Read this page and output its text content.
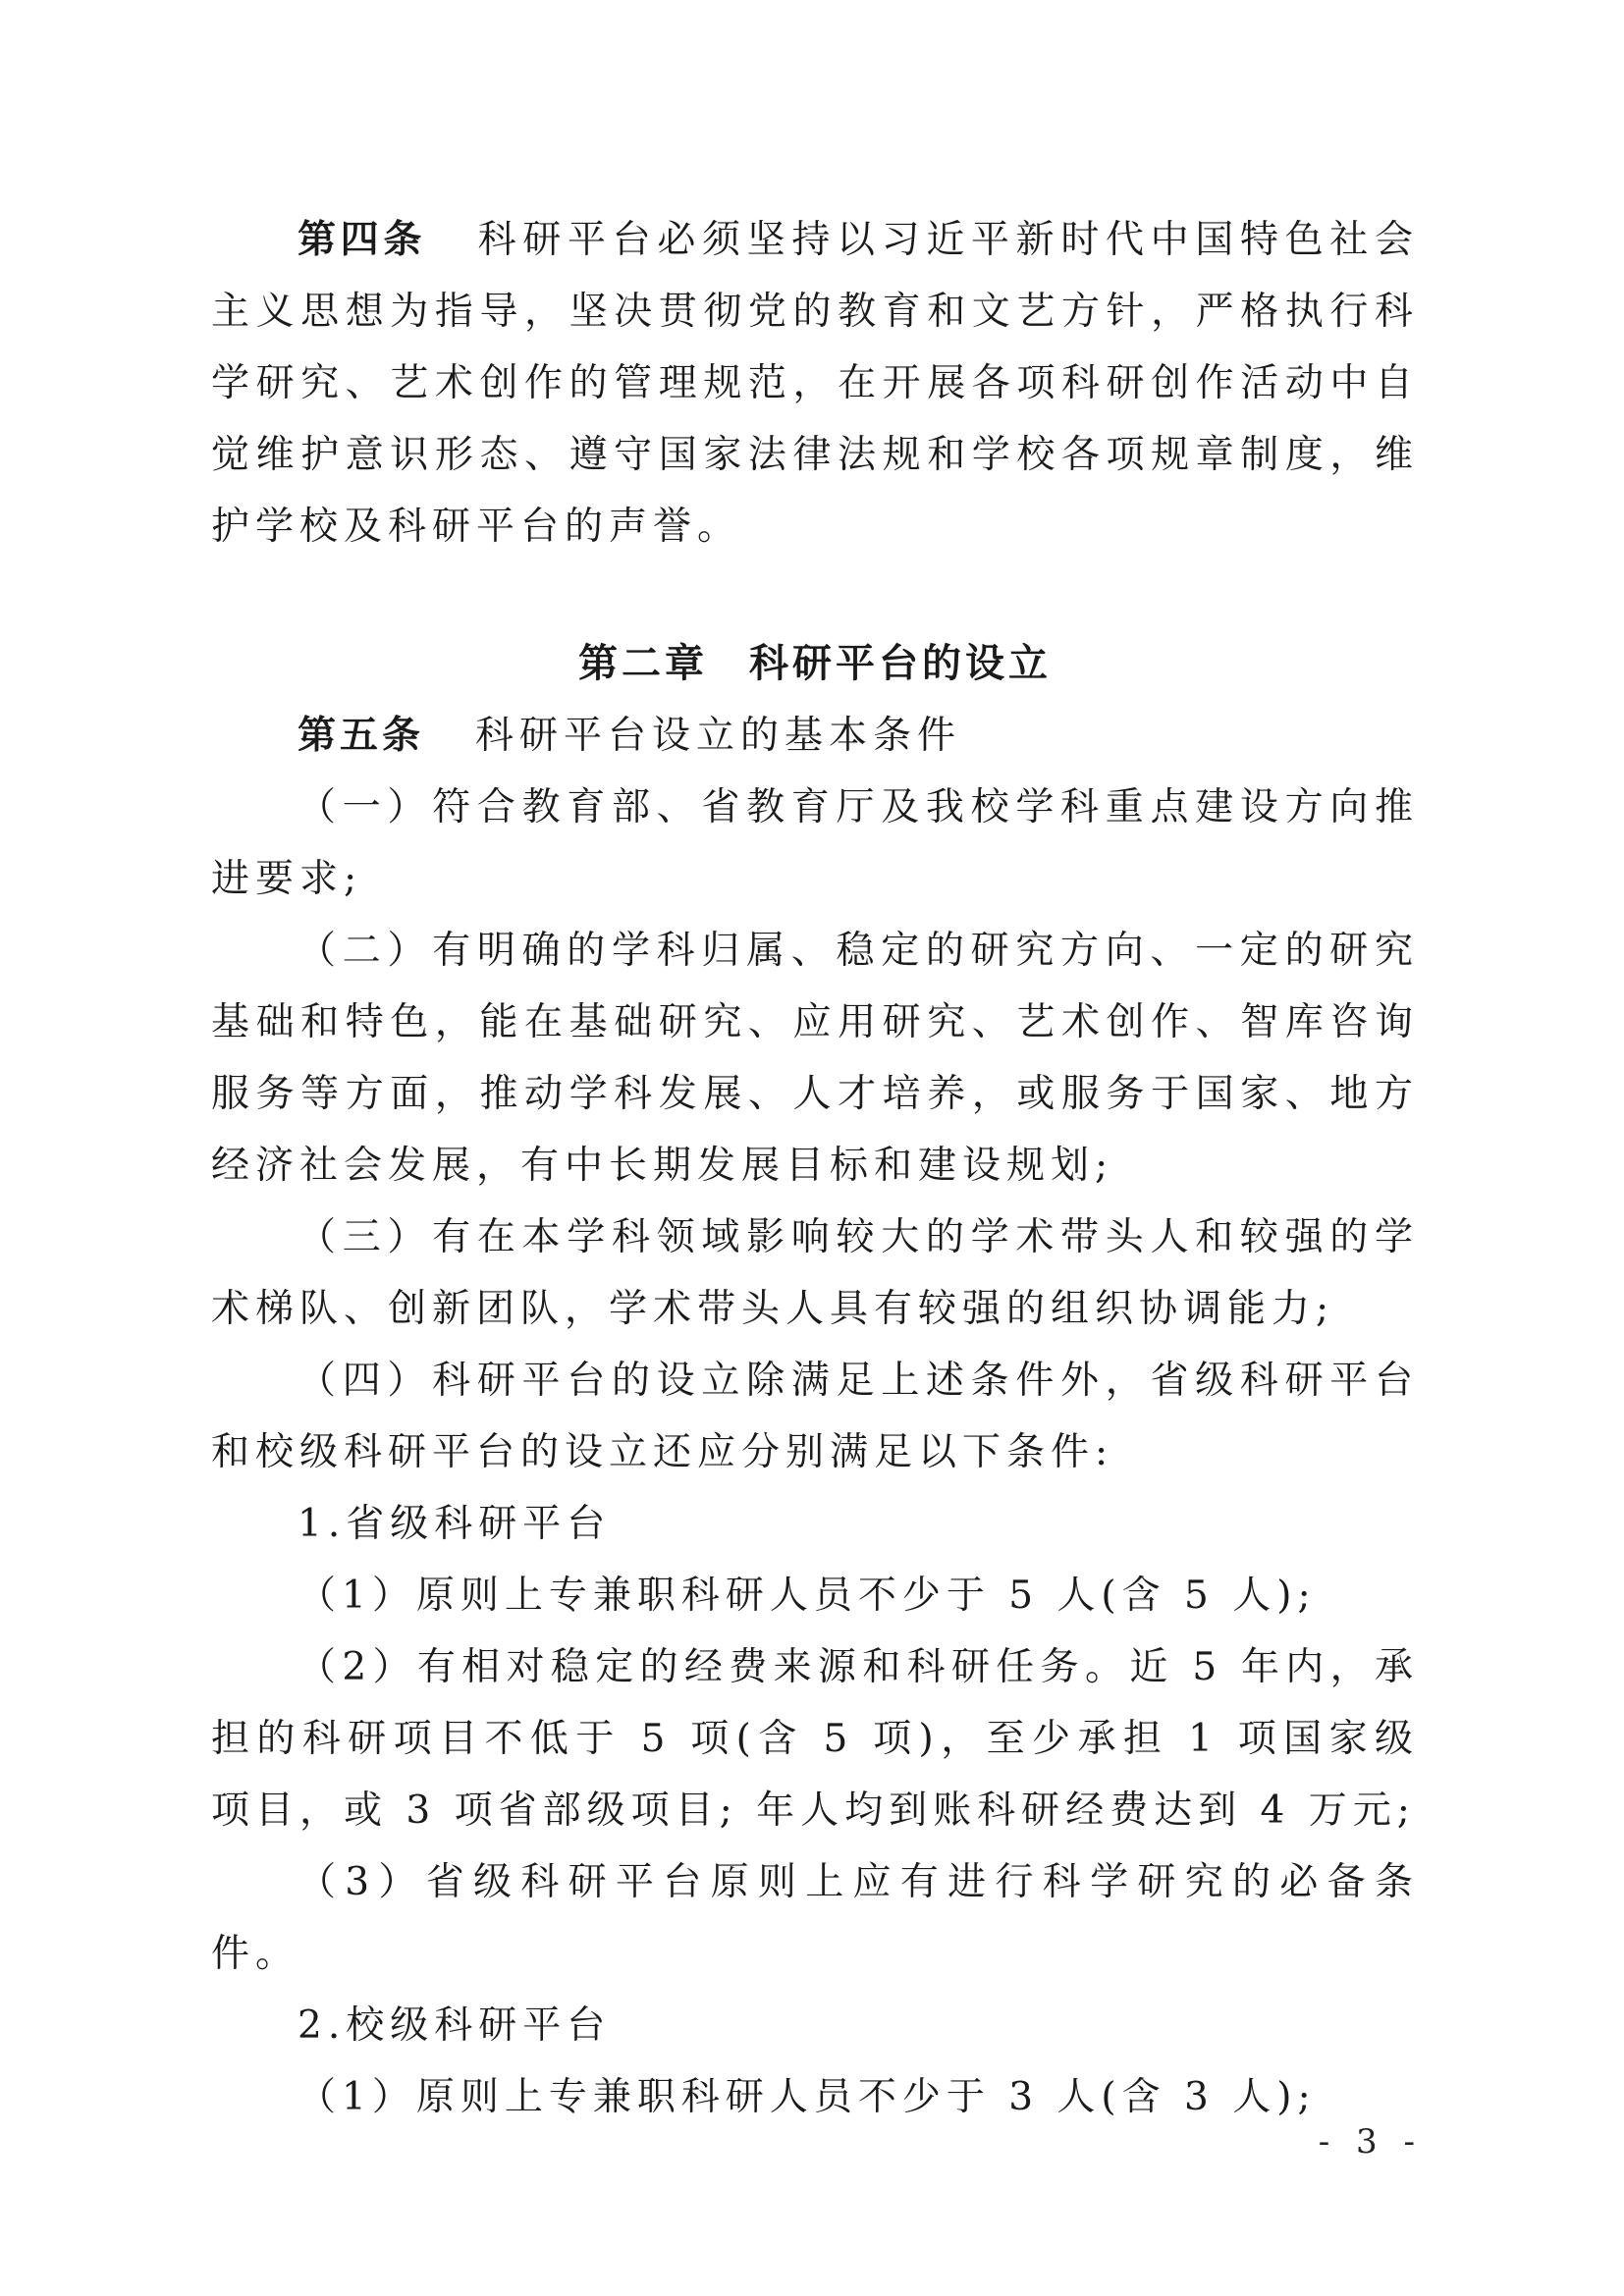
第四条 科研平台必须坚持以习近平新时代中国特色社会主义思想为指导，坚决贯彻党的教育和文艺方针，严格执行科学研究、艺术创作的管理规范，在开展各项科研创作活动中自觉维护意识形态、遵守国家法律法规和学校各项规章制度，维护学校及科研平台的声誉。

第二章 科研平台的设立

第五条 科研平台设立的基本条件

（一）符合教育部、省教育厅及我校学科重点建设方向推进要求;

（二）有明确的学科归属、稳定的研究方向、一定的研究基础和特色，能在基础研究、应用研究、艺术创作、智库咨询服务等方面，推动学科发展、人才培养，或服务于国家、地方经济社会发展，有中长期发展目标和建设规划;

（三）有在本学科领域影响较大的学术带头人和较强的学术梯队、创新团队，学术带头人具有较强的组织协调能力;

（四）科研平台的设立除满足上述条件外，省级科研平台和校级科研平台的设立还应分别满足以下条件:

1.省级科研平台

（1）原则上专兼职科研人员不少于 5 人(含 5 人);

（2）有相对稳定的经费来源和科研任务。近 5 年内，承担的科研项目不低于 5 项(含 5 项)，至少承担 1 项国家级项目，或 3 项省部级项目; 年人均到账科研经费达到 4 万元;

（3）省级科研平台原则上应有进行科学研究的必备条件。

2.校级科研平台

（1）原则上专兼职科研人员不少于 3 人(含 3 人);

- 3 -
